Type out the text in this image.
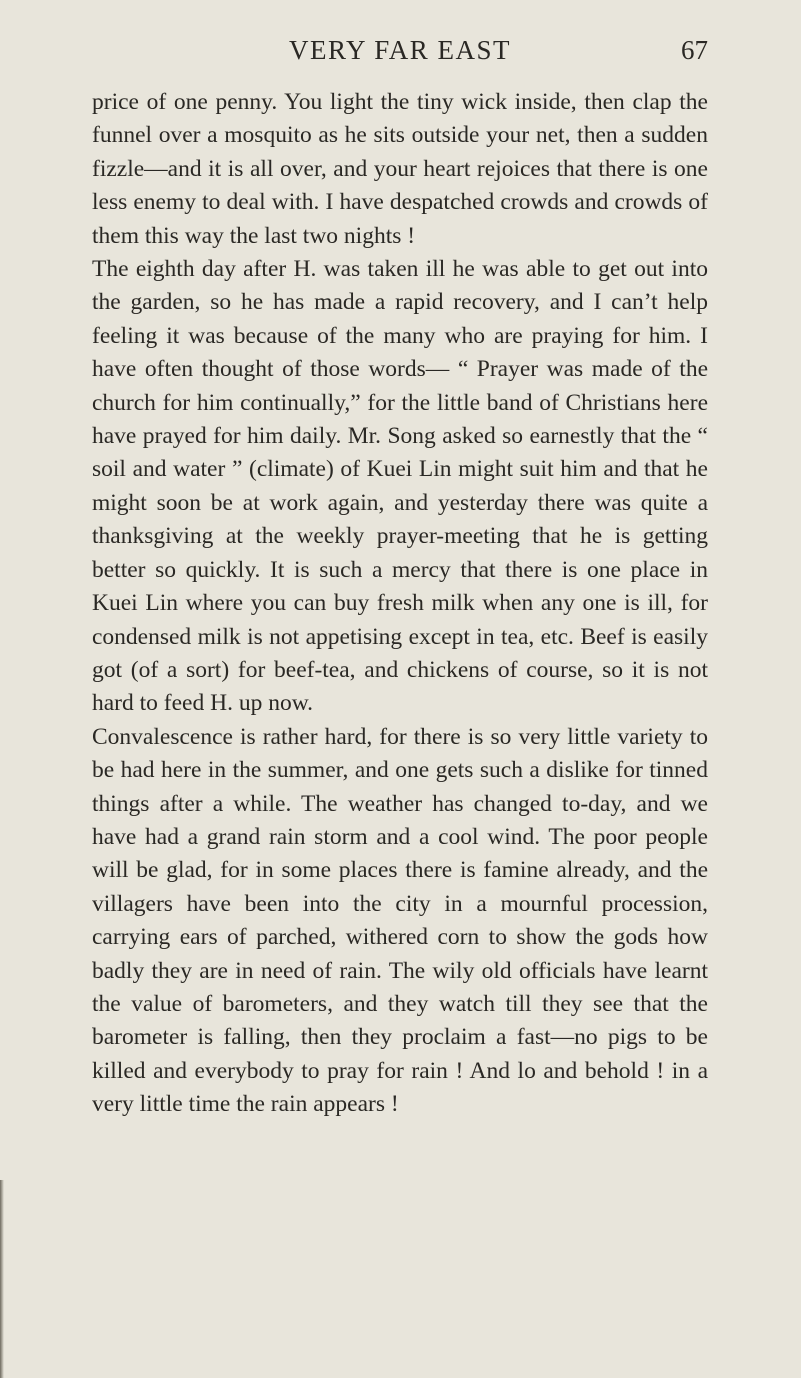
VERY FAR EAST	67

price of one penny. You light the tiny wick inside, then clap the funnel over a mosquito as he sits outside your net, then a sudden fizzle—and it is all over, and your heart rejoices that there is one less enemy to deal with. I have despatched crowds and crowds of them this way the last two nights !

The eighth day after H. was taken ill he was able to get out into the garden, so he has made a rapid recovery, and I can’t help feeling it was because of the many who are praying for him. I have often thought of those words— “ Prayer was made of the church for him continually,” for the little band of Christians here have prayed for him daily. Mr. Song asked so earnestly that the “ soil and water ” (climate) of Kuei Lin might suit him and that he might soon be at work again, and yesterday there was quite a thanksgiving at the weekly prayer-meeting that he is getting better so quickly. It is such a mercy that there is one place in Kuei Lin where you can buy fresh milk when any one is ill, for condensed milk is not appetising except in tea, etc. Beef is easily got (of a sort) for beef-tea, and chickens of course, so it is not hard to feed H. up now.

Convalescence is rather hard, for there is so very little variety to be had here in the summer, and one gets such a dislike for tinned things after a while. The weather has changed to-day, and we have had a grand rain storm and a cool wind. The poor people will be glad, for in some places there is famine already, and the villagers have been into the city in a mournful procession, carrying ears of parched, withered corn to show the gods how badly they are in need of rain. The wily old officials have learnt the value of barometers, and they watch till they see that the barometer is falling, then they proclaim a fast—no pigs to be killed and everybody to pray for rain ! And lo and behold ! in a very little time the rain appears !
